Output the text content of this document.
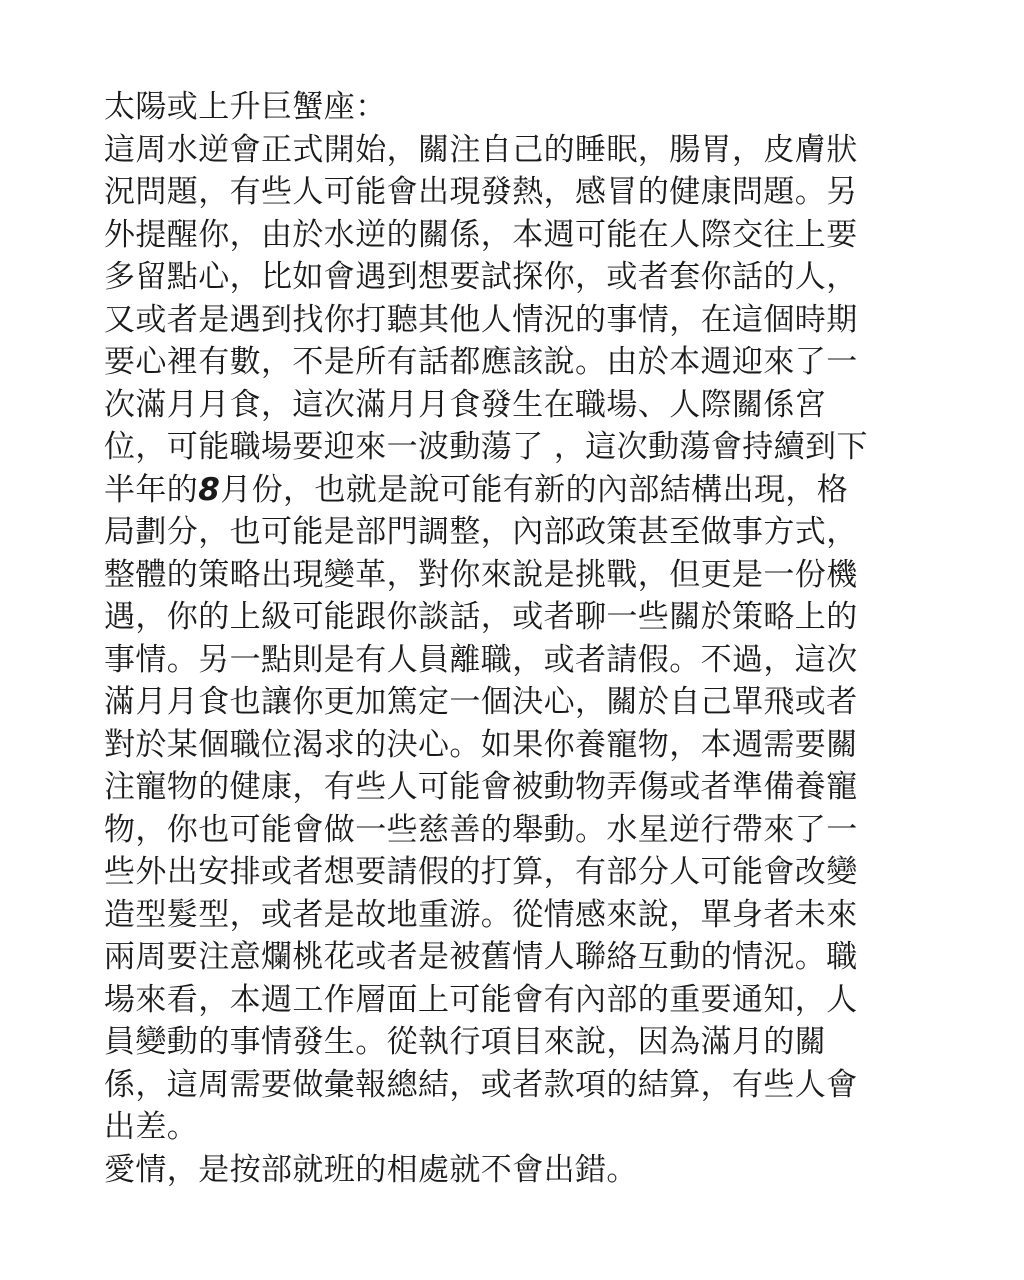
太陽或上升巨蟹座：
這周水逆會正式開始，關注自己的睡眠，腸胃，皮膚狀
況問題，有些人可能會出現發熱，感冒的健康問題。另
外提醒你，由於水逆的關係，本週可能在人際交往上要
多留點心，比如會遇到想要試探你，或者套你話的人，
又或者是遇到找你打聽其他人情況的事情，在這個時期
要心裡有數，不是所有話都應該說。由於本週迎來了一
次滿月月食，這次滿月月食發生在職場、人際關係宮
位，可能職場要迎來一波動蕩了 ，這次動蕩會持續到下
半年的8月份，也就是說可能有新的內部結構出現，格
局劃分，也可能是部門調整，內部政策甚至做事方式，
整體的策略出現變革，對你來說是挑戰，但更是一份機
遇，你的上級可能跟你談話，或者聊一些關於策略上的
事情。另一點則是有人員離職，或者請假。不過，這次
滿月月食也讓你更加篤定一個決心，關於自己單飛或者
對於某個職位渴求的決心。如果你養寵物，本週需要關
注寵物的健康，有些人可能會被動物弄傷或者準備養寵
物，你也可能會做一些慈善的舉動。水星逆行帶來了一
些外出安排或者想要請假的打算，有部分人可能會改變
造型髮型，或者是故地重游。從情感來說，單身者未來
兩周要注意爛桃花或者是被舊情人聯絡互動的情況。職
場來看，本週工作層面上可能會有內部的重要通知，人
員變動的事情發生。從執行項目來說，因為滿月的關
係，這周需要做彙報總結，或者款項的結算，有些人會
出差。
愛情，是按部就班的相處就不會出錯。
